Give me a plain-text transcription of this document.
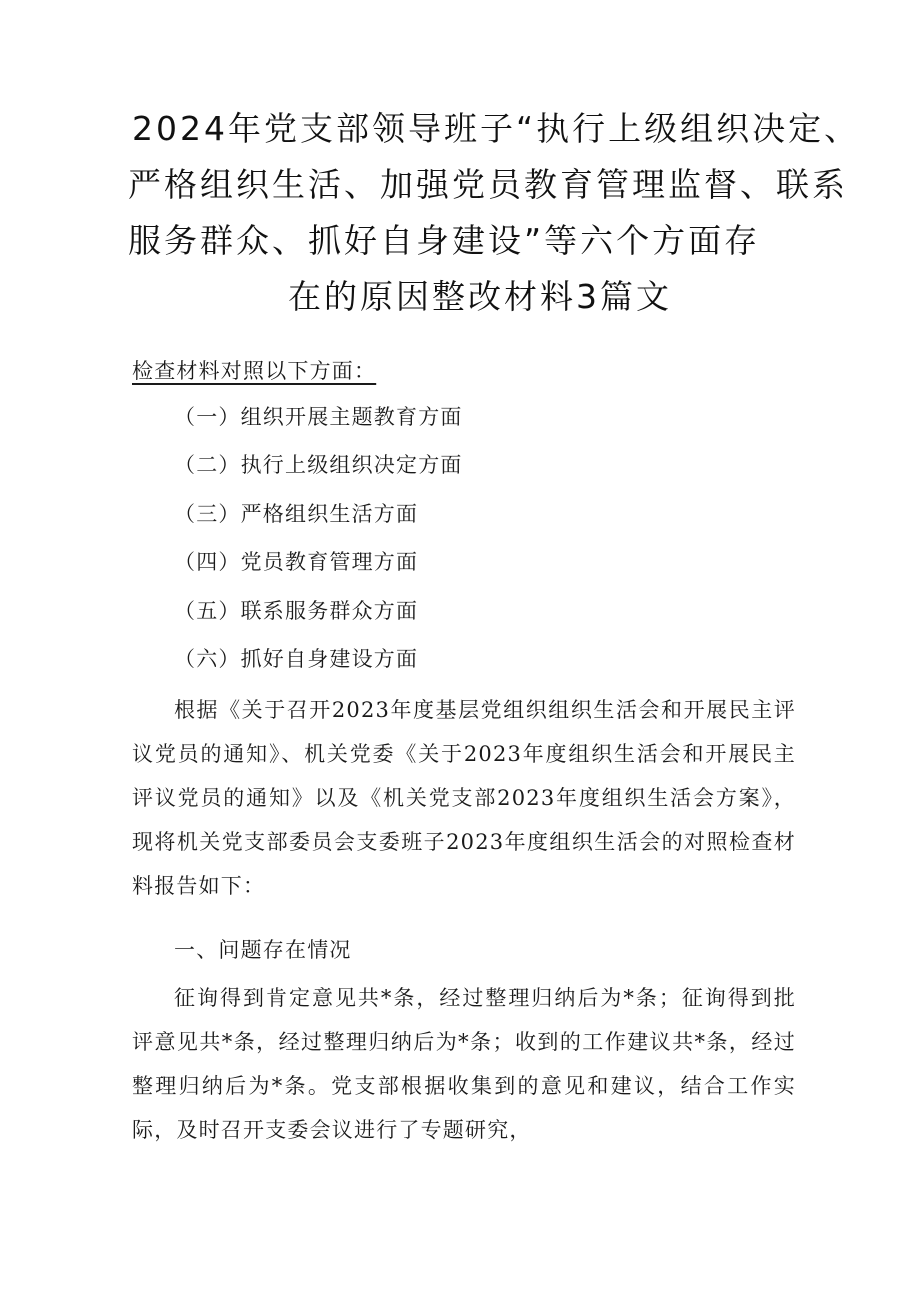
2024年党支部领导班子“执行上级组织决定、
严格组织生活、加强党员教育管理监督、联系
服务群众、抓好自身建设”等六个方面存
在的原因整改材料3篇文
检查材料对照以下方面：
（一）组织开展主题教育方面
（二）执行上级组织决定方面
（三）严格组织生活方面
（四）党员教育管理方面
（五）联系服务群众方面
（六）抓好自身建设方面

根据《关于召开2023年度基层党组织组织生活会和开展民主评议党员的通知》、机关党委《关于2023年度组织生活会和开展民主评议党员的通知》以及《机关党支部2023年度组织生活会方案》，现将机关党支部委员会支委班子2023年度组织生活会的对照检查材料报告如下：

一、问题存在情况

征询得到肯定意见共*条，经过整理归纳后为*条；征询得到批评意见共*条，经过整理归纳后为*条；收到的工作建议共*条，经过整理归纳后为*条。党支部根据收集到的意见和建议，结合工作实际，及时召开支委会议进行了专题研究，
